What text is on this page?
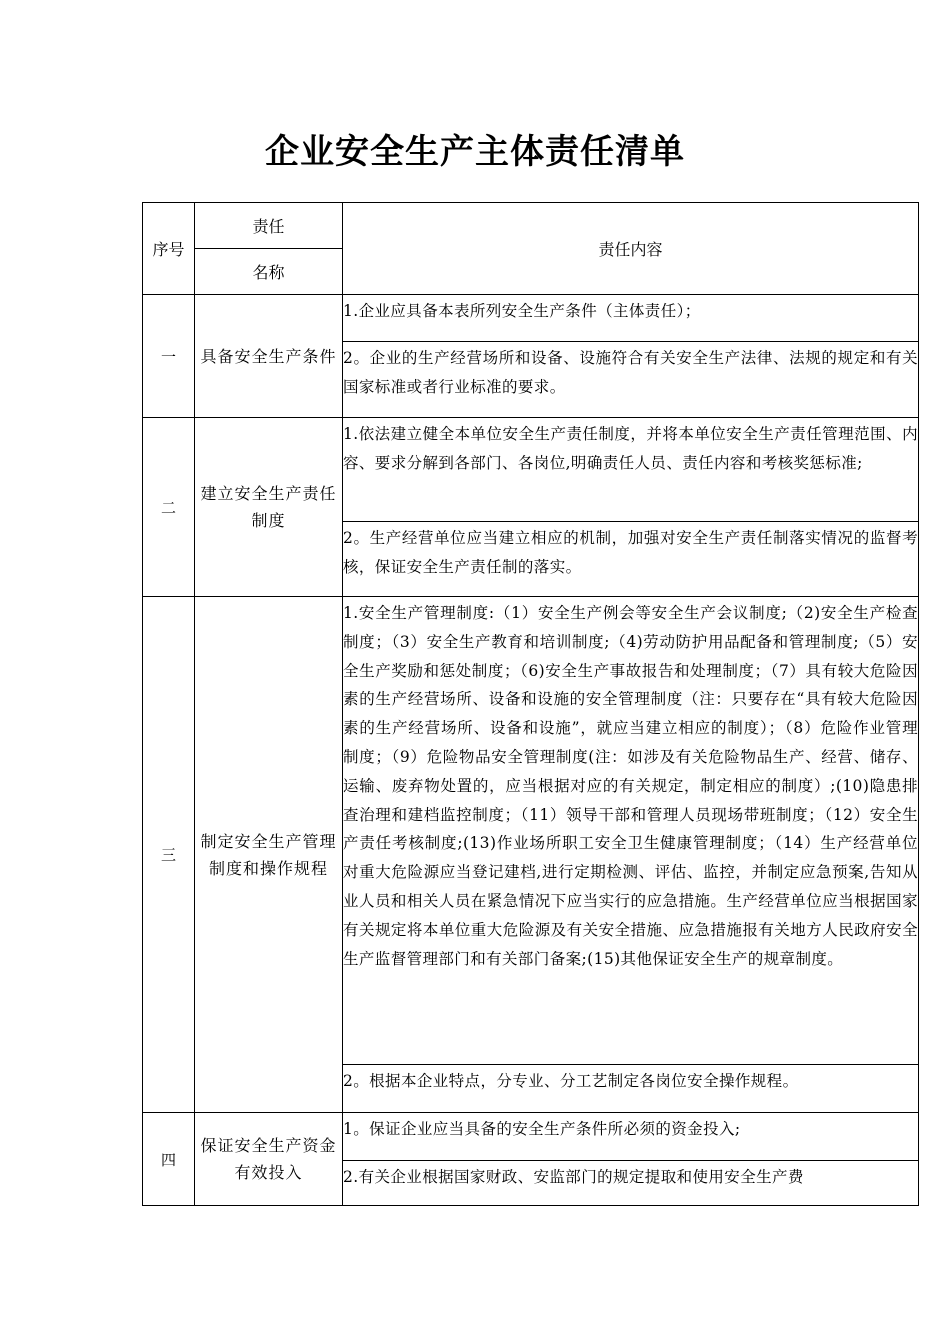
企业安全生产主体责任清单
序号	责任	责任内容
	名称	
一	具备安全生产条件	1.企业应具备本表所列安全生产条件（主体责任）；
		2。企业的生产经营场所和设备、设施符合有关安全生产法律、法规的规定和有关国家标准或者行业标准的要求。
二	建立安全生产责任制度	1.依法建立健全本单位安全生产责任制度，并将本单位安全生产责任管理范围、内容、要求分解到各部门、各岗位,明确责任人员、责任内容和考核奖惩标准;
		2。生产经营单位应当建立相应的机制，加强对安全生产责任制落实情况的监督考核，保证安全生产责任制的落实。
三	制定安全生产管理制度和操作规程	1.安全生产管理制度:（1）安全生产例会等安全生产会议制度;（2)安全生产检查制度；（3）安全生产教育和培训制度;（4)劳动防护用品配备和管理制度;（5）安全生产奖励和惩处制度；（6)安全生产事故报告和处理制度；（7）具有较大危险因素的生产经营场所、设备和设施的安全管理制度（注：只要存在“具有较大危险因素的生产经营场所、设备和设施”，就应当建立相应的制度）；（8）危险作业管理制度；（9）危险物品安全管理制度(注：如涉及有关危险物品生产、经营、储存、运输、废弃物处置的，应当根据对应的有关规定，制定相应的制度）;(10)隐患排查治理和建档监控制度；（11）领导干部和管理人员现场带班制度；（12）安全生产责任考核制度;(13)作业场所职工安全卫生健康管理制度；（14）生产经营单位对重大危险源应当登记建档,进行定期检测、评估、监控，并制定应急预案,告知从业人员和相关人员在紧急情况下应当实行的应急措施。生产经营单位应当根据国家有关规定将本单位重大危险源及有关安全措施、应急措施报有关地方人民政府安全生产监督管理部门和有关部门备案;(15)其他保证安全生产的规章制度。
		2。根据本企业特点，分专业、分工艺制定各岗位安全操作规程。
四	保证安全生产资金有效投入	1。保证企业应当具备的安全生产条件所必须的资金投入;
		2.有关企业根据国家财政、安监部门的规定提取和使用安全生产费
